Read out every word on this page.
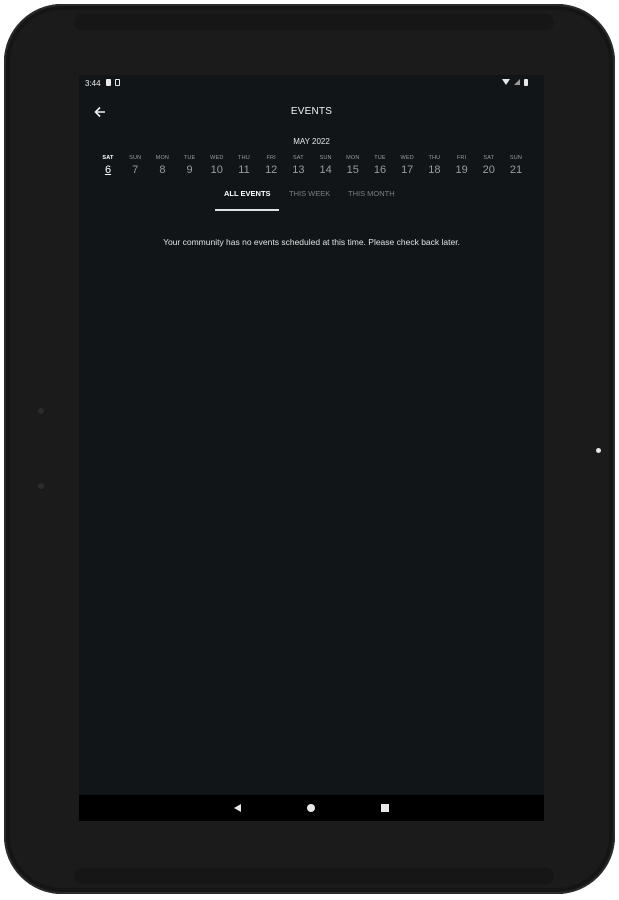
3:44
EVENTS
MAY 2022
SAT
6
SUN
7
MON
8
TUE
9
WED
10
THU
11
FRI
12
SAT
13
SUN
14
MON
15
TUE
16
WED
17
THU
18
FRI
19
SAT
20
SUN
21
ALL EVENTS THIS WEEK THIS MONTH
Your community has no events scheduled at this time. Please check back later.
